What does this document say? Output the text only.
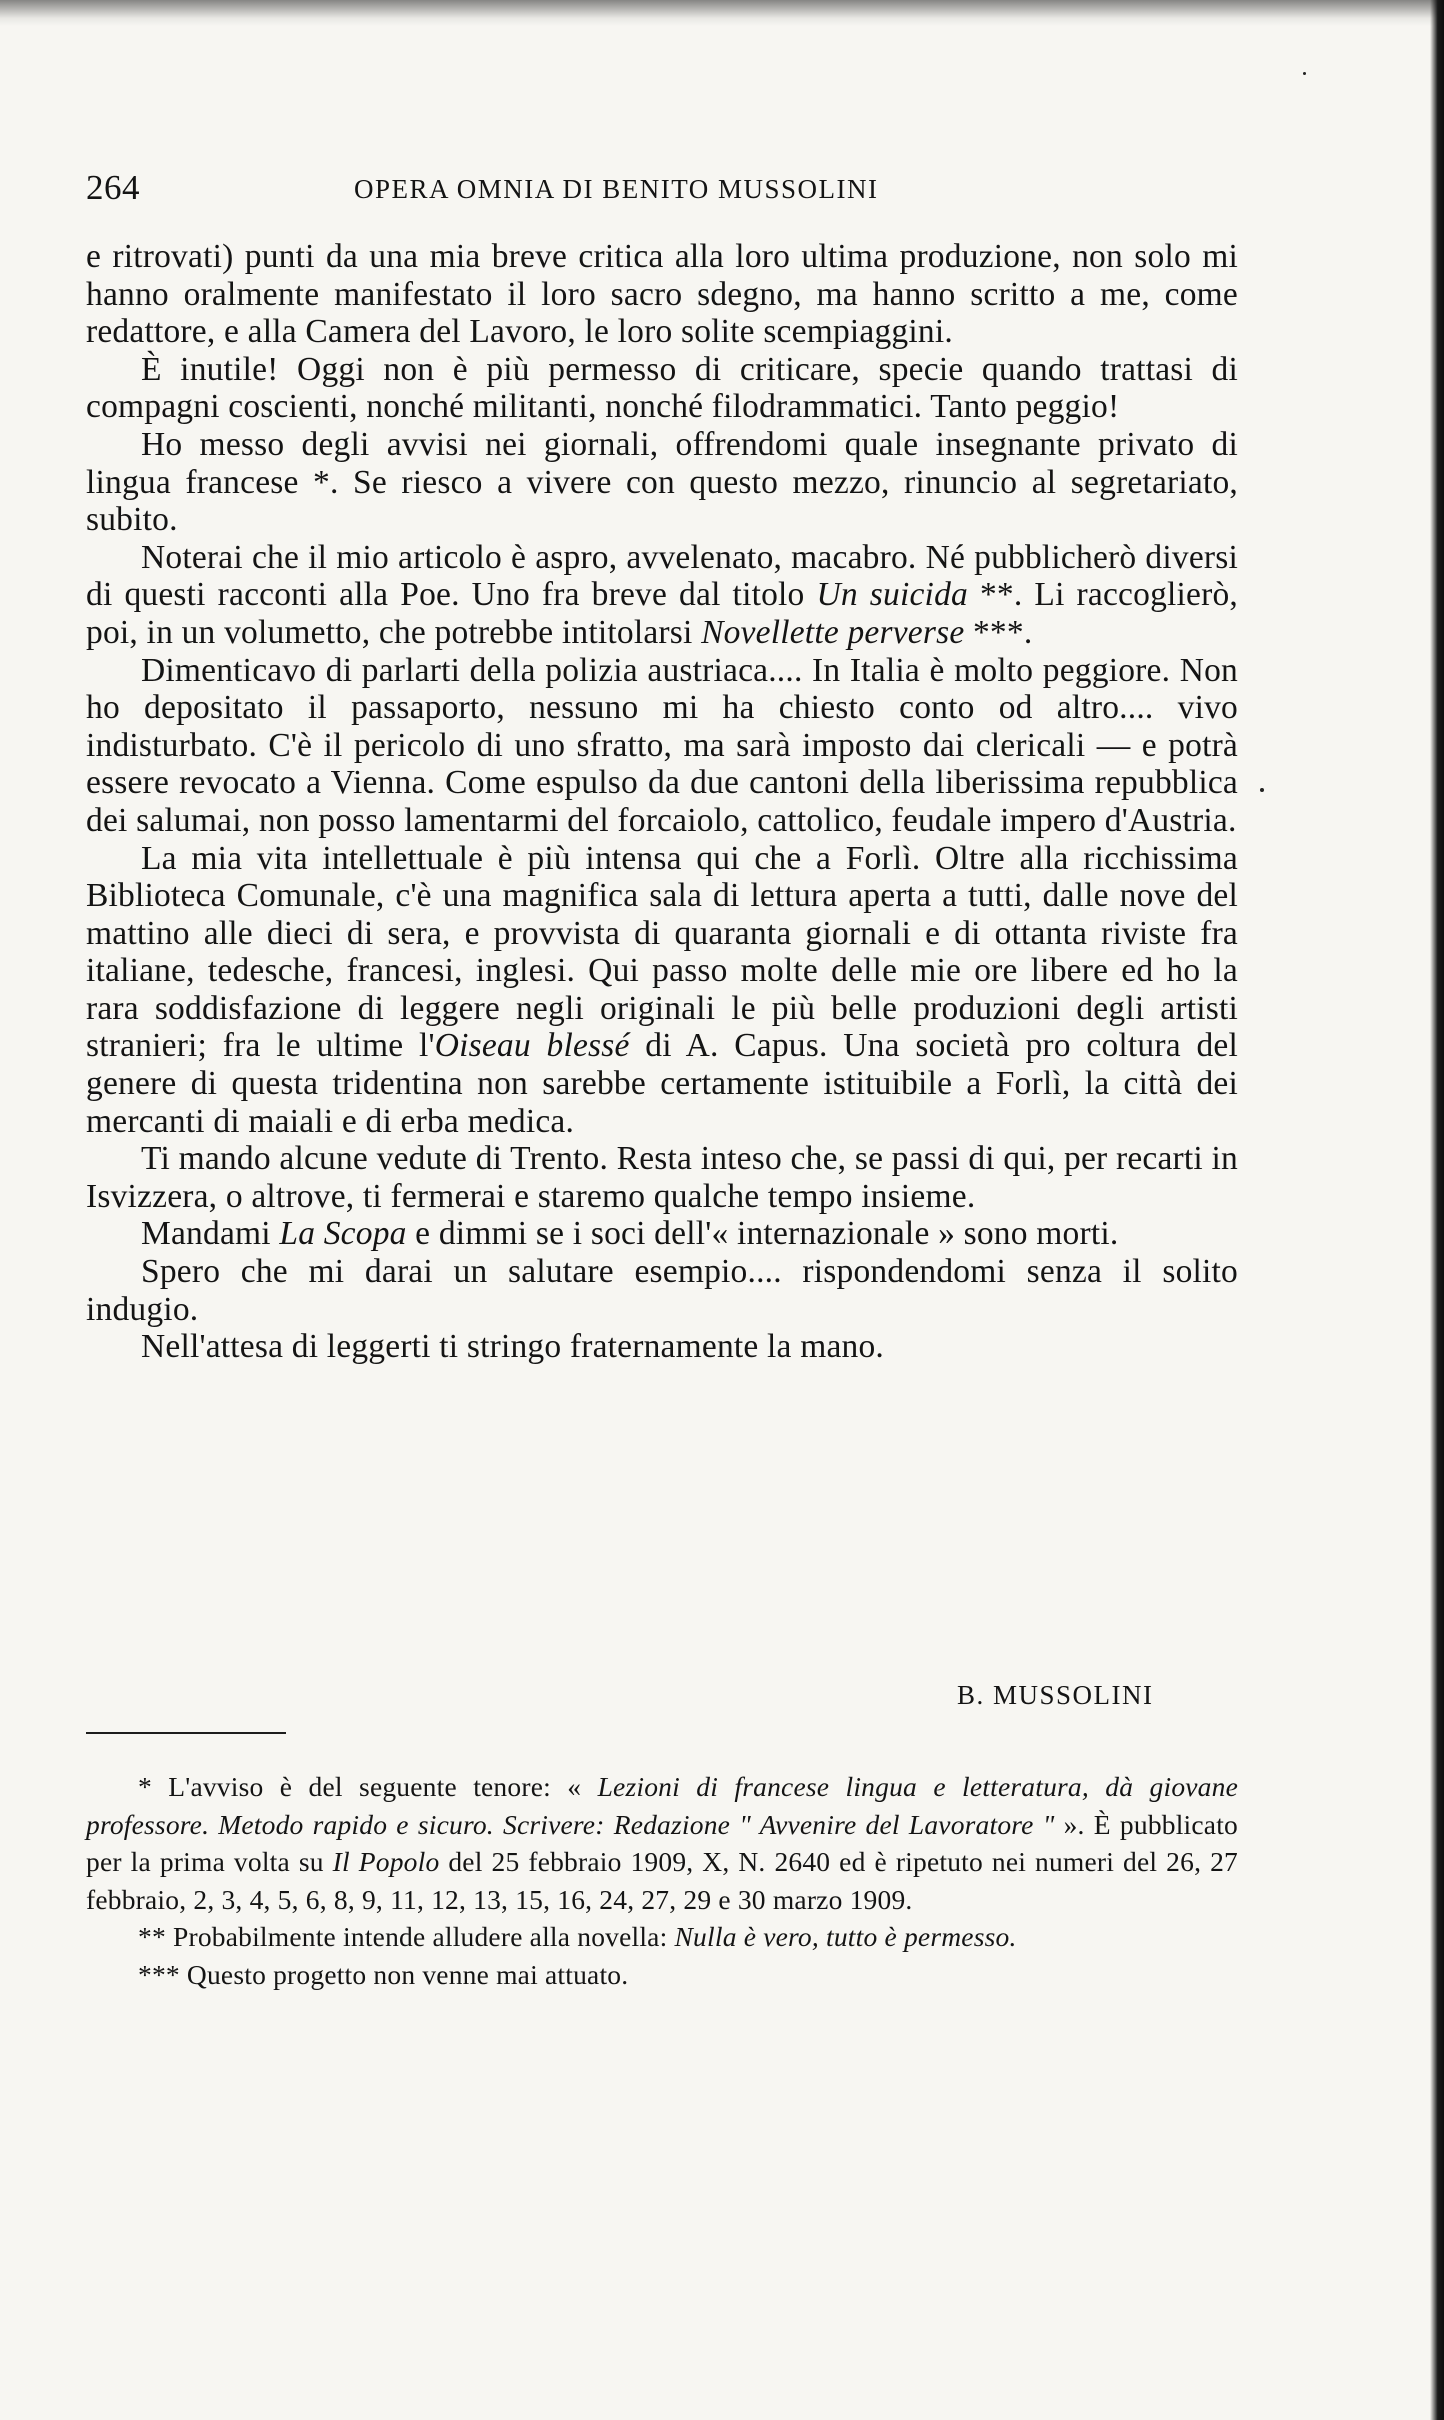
264	OPERA OMNIA DI BENITO MUSSOLINI

e ritrovati) punti da una mia breve critica alla loro ultima produzione, non solo mi hanno oralmente manifestato il loro sacro sdegno, ma hanno scritto a me, come redattore, e alla Camera del Lavoro, le loro solite scempiaggini.

È inutile! Oggi non è più permesso di criticare, specie quando trattasi di compagni coscienti, nonché militanti, nonché filodrammatici. Tanto peggio!

Ho messo degli avvisi nei giornali, offrendomi quale insegnante privato di lingua francese *. Se riesco a vivere con questo mezzo, rinuncio al segretariato, subito.

Noterai che il mio articolo è aspro, avvelenato, macabro. Né pubblicherò diversi di questi racconti alla Poe. Uno fra breve dal titolo Un suicida **. Li raccoglierò, poi, in un volumetto, che potrebbe intitolarsi Novellette perverse ***.

Dimenticavo di parlarti della polizia austriaca.... In Italia è molto peggiore. Non ho depositato il passaporto, nessuno mi ha chiesto conto od altro.... vivo indisturbato. C'è il pericolo di uno sfratto, ma sarà imposto dai clericali — e potrà essere revocato a Vienna. Come espulso da due cantoni della liberissima repubblica dei salumai, non posso lamentarmi del forcaiolo, cattolico, feudale impero d'Austria.

La mia vita intellettuale è più intensa qui che a Forlì. Oltre alla ricchissima Biblioteca Comunale, c'è una magnifica sala di lettura aperta a tutti, dalle nove del mattino alle dieci di sera, e provvista di quaranta giornali e di ottanta riviste fra italiane, tedesche, francesi, inglesi. Qui passo molte delle mie ore libere ed ho la rara soddisfazione di leggere negli originali le più belle produzioni degli artisti stranieri; fra le ultime l'Oiseau blessé di A. Capus. Una società pro coltura del genere di questa tridentina non sarebbe certamente istituibile a Forlì, la città dei mercanti di maiali e di erba medica.

Ti mando alcune vedute di Trento. Resta inteso che, se passi di qui, per recarti in Isvizzera, o altrove, ti fermerai e staremo qualche tempo insieme.

Mandami La Scopa e dimmi se i soci dell'« internazionale » sono morti.

Spero che mi darai un salutare esempio.... rispondendomi senza il solito indugio.

Nell'attesa di leggerti ti stringo fraternamente la mano.

B. MUSSOLINI

* L'avviso è del seguente tenore: « Lezioni di francese lingua e letteratura, dà giovane professore. Metodo rapido e sicuro. Scrivere: Redazione " Avvenire del Lavoratore " ». È pubblicato per la prima volta su Il Popolo del 25 febbraio 1909, X, N. 2640 ed è ripetuto nei numeri del 26, 27 febbraio, 2, 3, 4, 5, 6, 8, 9, 11, 12, 13, 15, 16, 24, 27, 29 e 30 marzo 1909.

** Probabilmente intende alludere alla novella: Nulla è vero, tutto è permesso.

*** Questo progetto non venne mai attuato.
